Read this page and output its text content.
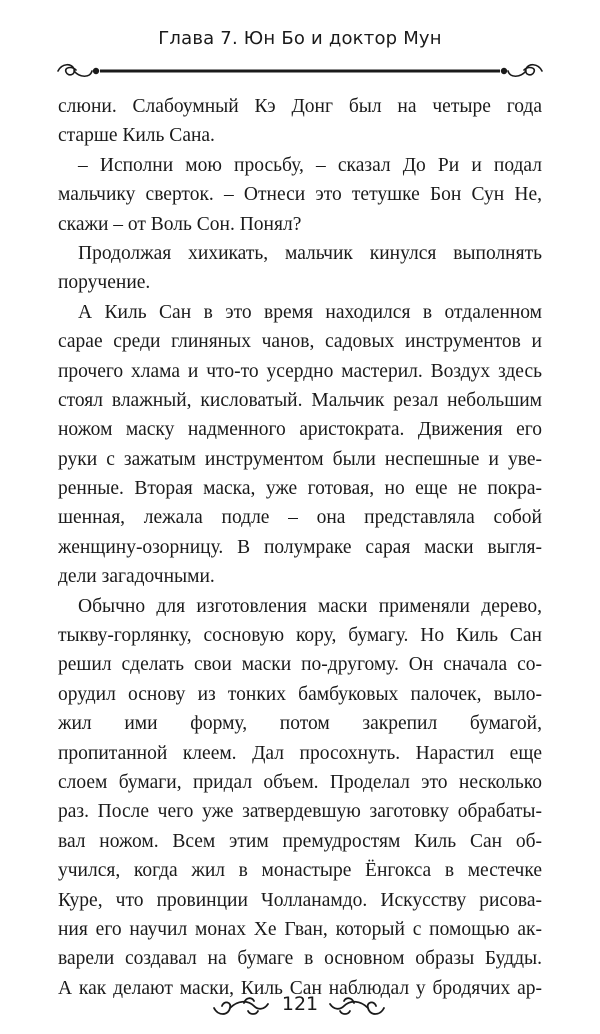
Глава 7. Юн Бо и доктор Мун
слюни. Слабоумный Кэ Донг был на четыре года
старше Киль Сана.
– Исполни мою просьбу, – сказал До Ри и подал
мальчику сверток. – Отнеси это тетушке Бон Сун Не,
скажи – от Воль Сон. Понял?
Продолжая хихикать, мальчик кинулся выполнять
поручение.
А Киль Сан в это время находился в отдаленном
сарае среди глиняных чанов, садовых инструментов и
прочего хлама и что-то усердно мастерил. Воздух здесь
стоял влажный, кисловатый. Мальчик резал небольшим
ножом маску надменного аристократа. Движения его
руки с зажатым инструментом были неспешные и уве-
ренные. Вторая маска, уже готовая, но еще не покра-
шенная, лежала подле – она представляла собой
женщину-озорницу. В полумраке сарая маски выгля-
дели загадочными.
Обычно для изготовления маски применяли дерево,
тыкву-горлянку, сосновую кору, бумагу. Но Киль Сан
решил сделать свои маски по-другому. Он сначала со-
орудил основу из тонких бамбуковых палочек, выло-
жил ими форму, потом закрепил бумагой,
пропитанной клеем. Дал просохнуть. Нарастил еще
слоем бумаги, придал объем. Проделал это несколько
раз. После чего уже затвердевшую заготовку обрабаты-
вал ножом. Всем этим премудростям Киль Сан об-
учился, когда жил в монастыре Ёнгокса в местечке
Куре, что провинции Чолланамдо. Искусству рисова-
ния его научил монах Хе Гван, который с помощью ак-
варели создавал на бумаге в основном образы Будды.
А как делают маски, Киль Сан наблюдал у бродячих ар-
121
